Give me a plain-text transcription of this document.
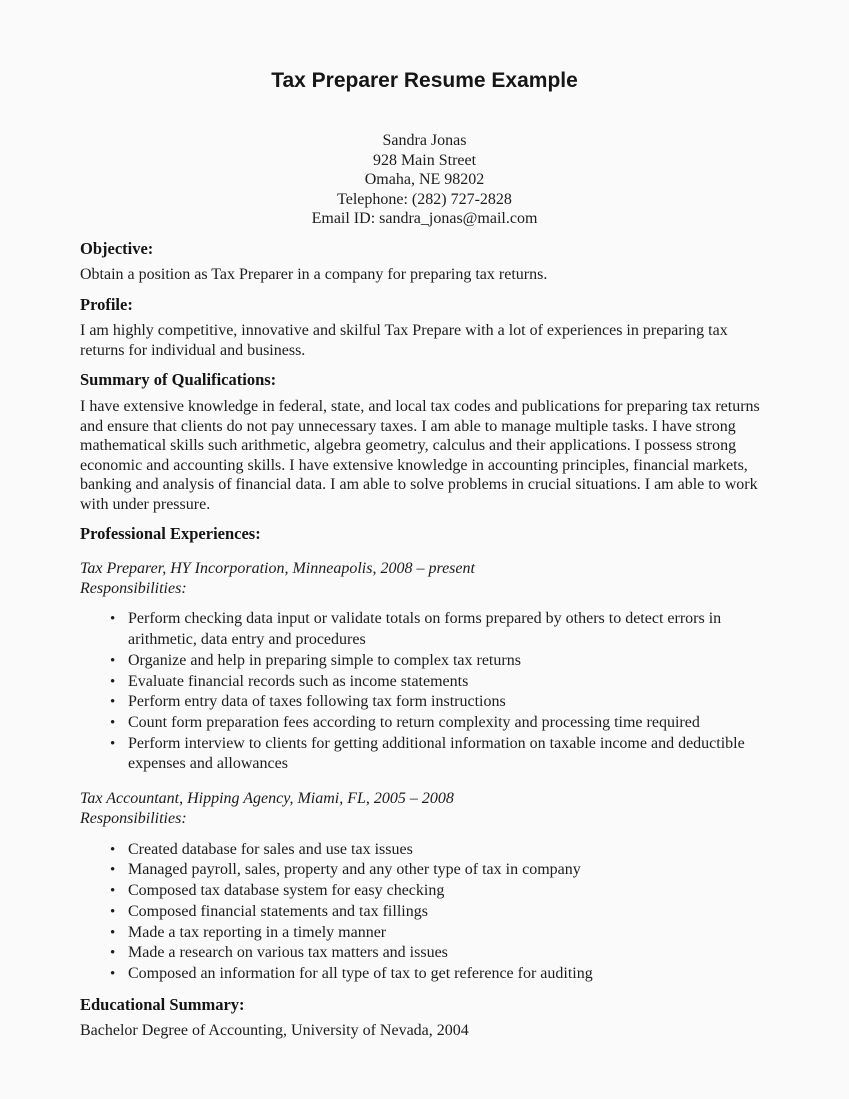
Tax Preparer Resume Example
Sandra Jonas
928 Main Street
Omaha, NE 98202
Telephone: (282) 727-2828
Email ID: sandra_jonas@mail.com
Objective:

Obtain a position as Tax Preparer in a company for preparing tax returns.

Profile:

I am highly competitive, innovative and skilful Tax Prepare with a lot of experiences in preparing tax returns for individual and business.

Summary of Qualifications:

I have extensive knowledge in federal, state, and local tax codes and publications for preparing tax returns and ensure that clients do not pay unnecessary taxes. I am able to manage multiple tasks. I have strong mathematical skills such arithmetic, algebra geometry, calculus and their applications. I possess strong economic and accounting skills. I have extensive knowledge in accounting principles, financial markets, banking and analysis of financial data. I am able to solve problems in crucial situations. I am able to work with under pressure.

Professional Experiences:

Tax Preparer, HY Incorporation, Minneapolis, 2008 – present
Responsibilities:

• Perform checking data input or validate totals on forms prepared by others to detect errors in arithmetic, data entry and procedures
• Organize and help in preparing simple to complex tax returns
• Evaluate financial records such as income statements
• Perform entry data of taxes following tax form instructions
• Count form preparation fees according to return complexity and processing time required
• Perform interview to clients for getting additional information on taxable income and deductible expenses and allowances

Tax Accountant, Hipping Agency, Miami, FL, 2005 – 2008
Responsibilities:

• Created database for sales and use tax issues
• Managed payroll, sales, property and any other type of tax in company
• Composed tax database system for easy checking
• Composed financial statements and tax fillings
• Made a tax reporting in a timely manner
• Made a research on various tax matters and issues
• Composed an information for all type of tax to get reference for auditing
Educational Summary:

Bachelor Degree of Accounting, University of Nevada, 2004
